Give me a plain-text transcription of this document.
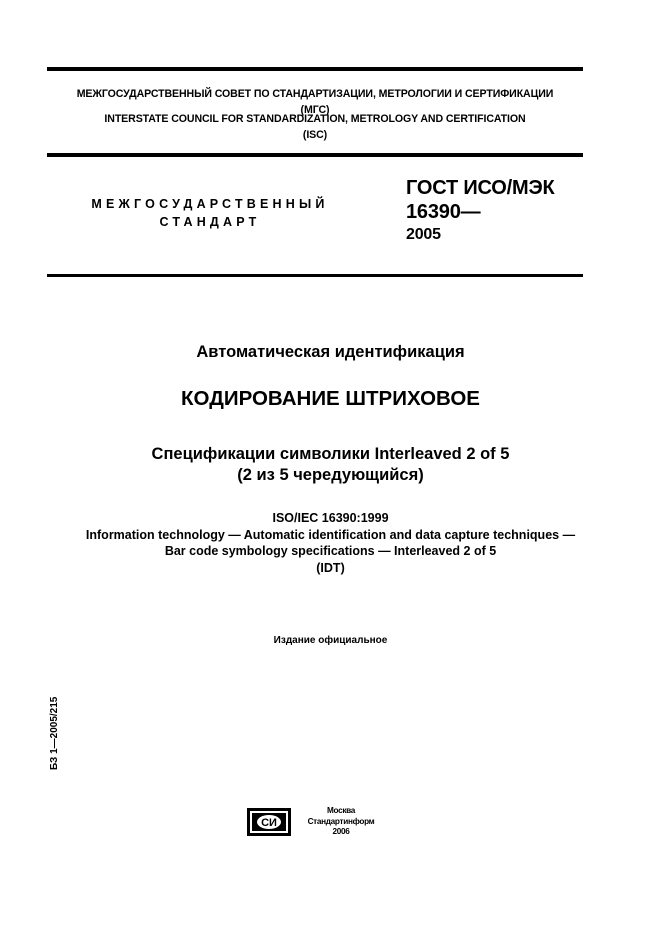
МЕЖГОСУДАРСТВЕННЫЙ СОВЕТ ПО СТАНДАРТИЗАЦИИ, МЕТРОЛОГИИ И СЕРТИФИКАЦИИ
(МГС)
INTERSTATE COUNCIL FOR STANDARDIZATION, METROLOGY AND CERTIFICATION
(ISC)
МЕЖГОСУДАРСТВЕННЫЙ
СТАНДАРТ
ГОСТ ИСО/МЭК
16390—
2005
Автоматическая идентификация
КОДИРОВАНИЕ ШТРИХОВОЕ
Спецификации символики Interleaved 2 of 5
(2 из 5 чередующийся)
ISO/IEC 16390:1999
Information technology — Automatic identification and data capture techniques —
Bar code symbology specifications — Interleaved 2 of 5
(IDT)
Издание официальное
БЗ 1—2005/215
СИ
Москва
Стандартинформ
2006
